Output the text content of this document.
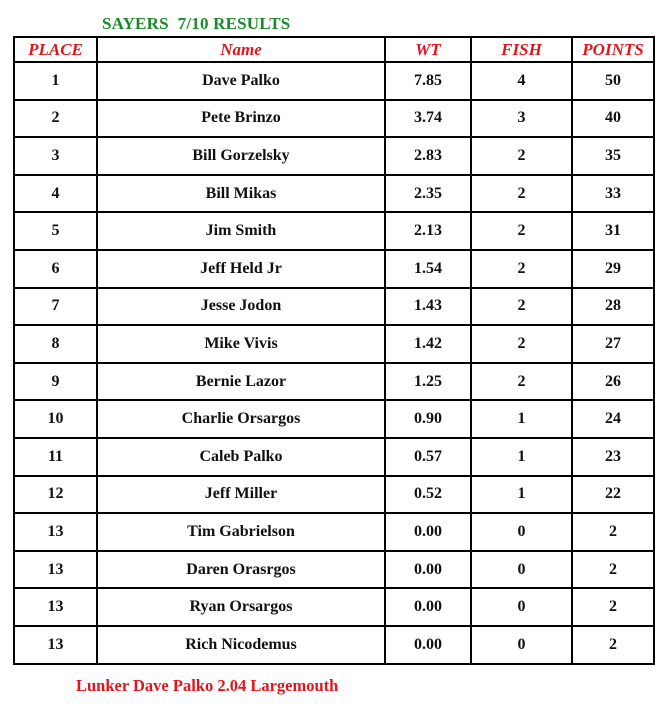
SAYERS  7/10 RESULTS
PLACE	Name	WT	FISH	POINTS
1	Dave Palko	7.85	4	50
2	Pete Brinzo	3.74	3	40
3	Bill Gorzelsky	2.83	2	35
4	Bill Mikas	2.35	2	33
5	Jim Smith	2.13	2	31
6	Jeff Held Jr	1.54	2	29
7	Jesse Jodon	1.43	2	28
8	Mike Vivis	1.42	2	27
9	Bernie Lazor	1.25	2	26
10	Charlie Orsargos	0.90	1	24
11	Caleb Palko	0.57	1	23
12	Jeff Miller	0.52	1	22
13	Tim Gabrielson	0.00	0	2
13	Daren Orasrgos	0.00	0	2
13	Ryan Orsargos	0.00	0	2
13	Rich Nicodemus	0.00	0	2
Lunker Dave Palko 2.04 Largemouth
